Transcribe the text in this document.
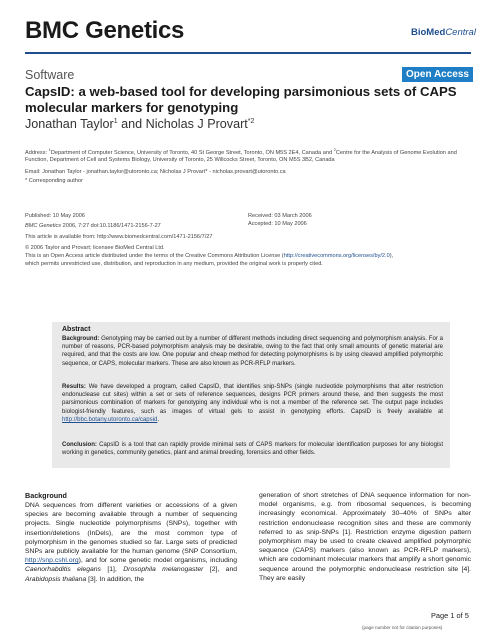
BMC Genetics	BioMedCentral
Software	Open Access
CapsID: a web-based tool for developing parsimonious sets of CAPS molecular markers for genotyping
Jonathan Taylor$^1$ and Nicholas J Provart$^{*2}$
Address: $^1$Department of Computer Science, University of Toronto, 40 St George Street, Toronto, ON M5S 2E4, Canada and $^2$Centre for the Analysis of Genome Evolution and Function, Department of Cell and Systems Biology, University of Toronto, 25 Willcocks Street, Toronto, ON M5S 3B2, Canada
Email: Jonathan Taylor - jonathan.taylor@utoronto.ca; Nicholas J Provart* - nicholas.provart@utoronto.ca
* Corresponding author
Published: 10 May 2006
BMC Genetics 2006, 7:27 doi:10.1186/1471-2156-7-27
Received: 03 March 2006
Accepted: 10 May 2006
This article is available from: http://www.biomedcentral.com/1471-2156/7/27
© 2006 Taylor and Provart; licensee BioMed Central Ltd.
This is an Open Access article distributed under the terms of the Creative Commons Attribution License (http://creativecommons.org/licenses/by/2.0),
which permits unrestricted use, distribution, and reproduction in any medium, provided the original work is properly cited.
Abstract
Background: Genotyping may be carried out by a number of different methods including direct sequencing and polymorphism analysis. For a number of reasons, PCR-based polymorphism analysis may be desirable, owing to the fact that only small amounts of genetic material are required, and that the costs are low. One popular and cheap method for detecting polymorphisms is by using cleaved amplified polymorphic sequence, or CAPS, molecular markers. These are also known as PCR-RFLP markers.
Results: We have developed a program, called CapsID, that identifies snip-SNPs (single nucleotide polymorphisms that alter restriction endonuclease cut sites) within a set or sets of reference sequences, designs PCR primers around these, and then suggests the most parsimonious combination of markers for genotyping any individual who is not a member of the reference set. The output page includes biologist-friendly features, such as images of virtual gels to assist in genotyping efforts. CapsID is freely available at http://bbc.botany.utoronto.ca/capsid.
Conclusion: CapsID is a tool that can rapidly provide minimal sets of CAPS markers for molecular identification purposes for any biologist working in genetics, community genetics, plant and animal breeding, forensics and other fields.
Background
DNA sequences from different varieties or accessions of a given species are becoming available through a number of sequencing projects. Single nucleotide polymorphisms (SNPs), together with insertion/deletions (InDels), are the most common type of polymorphism in the genomes studied so far. Large sets of predicted SNPs are publicly available for the human genome (SNP Consortium, http://snp.cshl.org), and for some genetic model organisms, including Caenorhabditis elegans [1], Drosophila melanogaster [2], and Arabidopsis thaliana [3]. In addition, the
generation of short stretches of DNA sequence information for non-model organisms, e.g. from ribosomal sequences, is becoming increasingly economical. Approximately 30–40% of SNPs alter restriction endonuclease recognition sites and these are commonly referred to as snip-SNPs [1]. Restriction enzyme digestion pattern polymorphism may be used to create cleaved amplified polymorphic sequence (CAPS) markers (also known as PCR-RFLP markers), which are codominant molecular markers that amplify a short genomic sequence around the polymorphic endonuclease restriction site [4]. They are easily
Page 1 of 5
(page number not for citation purposes)
